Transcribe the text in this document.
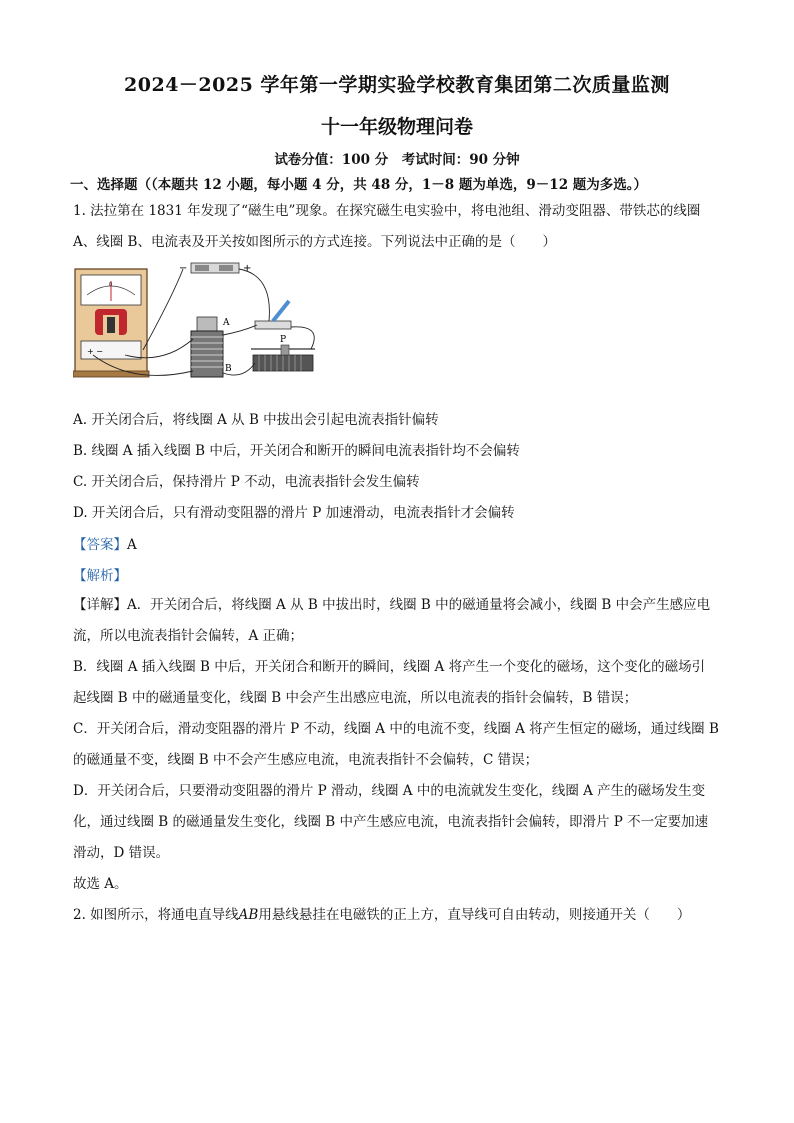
2024－2025 学年第一学期实验学校教育集团第二次质量监测
十一年级物理问卷
试卷分值：100 分　考试时间：90 分钟
一、选择题（（本题共 12 小题，每小题 4 分，共 48 分，1－8 题为单选，9－12 题为多选。）
1. 法拉第在 1831 年发现了“磁生电”现象。在探究磁生电实验中，将电池组、滑动变阻器、带铁芯的线圈
A、线圈 B、电流表及开关按如图所示的方式连接。下列说法中正确的是（　　）
0
+ −
−	+
A
B
P
A. 开关闭合后，将线圈 A 从 B 中拔出会引起电流表指针偏转
B. 线圈 A 插入线圈 B 中后，开关闭合和断开的瞬间电流表指针均不会偏转
C. 开关闭合后，保持滑片 P 不动，电流表指针会发生偏转
D. 开关闭合后，只有滑动变阻器的滑片 P 加速滑动，电流表指针才会偏转
【答案】A
【解析】
【详解】A．开关闭合后，将线圈 A 从 B 中拔出时，线圈 B 中的磁通量将会减小，线圈 B 中会产生感应电
流，所以电流表指针会偏转，A 正确；
B．线圈 A 插入线圈 B 中后，开关闭合和断开的瞬间，线圈 A 将产生一个变化的磁场，这个变化的磁场引
起线圈 B 中的磁通量变化，线圈 B 中会产生出感应电流，所以电流表的指针会偏转，B 错误；
C．开关闭合后，滑动变阻器的滑片 P 不动，线圈 A 中的电流不变，线圈 A 将产生恒定的磁场，通过线圈 B
的磁通量不变，线圈 B 中不会产生感应电流，电流表指针不会偏转，C 错误；
D．开关闭合后，只要滑动变阻器的滑片 P 滑动，线圈 A 中的电流就发生变化，线圈 A 产生的磁场发生变
化，通过线圈 B 的磁通量发生变化，线圈 B 中产生感应电流，电流表指针会偏转，即滑片 P 不一定要加速
滑动，D 错误。
故选 A。
2. 如图所示，将通电直导线AB用悬线悬挂在电磁铁的正上方，直导线可自由转动，则接通开关（　　）
